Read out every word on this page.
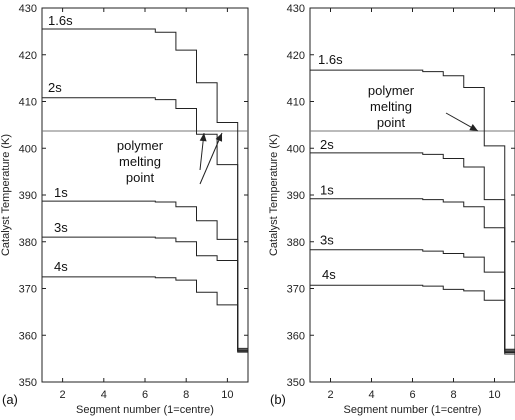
350
360
370
380
390
400
410
420
430
2	4	6	8	10
Segment number (1=centre)
Catalyst Temperature (K)
(a)
1.6s
2s
1s
3s
4s
polymer
melting
point
350
360
370
380
390
400
410
420
430
2	4	6	8	10
Segment number (1=centre)
Catalyst Temperature (K)
(b)
1.6s
2s
1s
3s
4s
polymer
melting
point
